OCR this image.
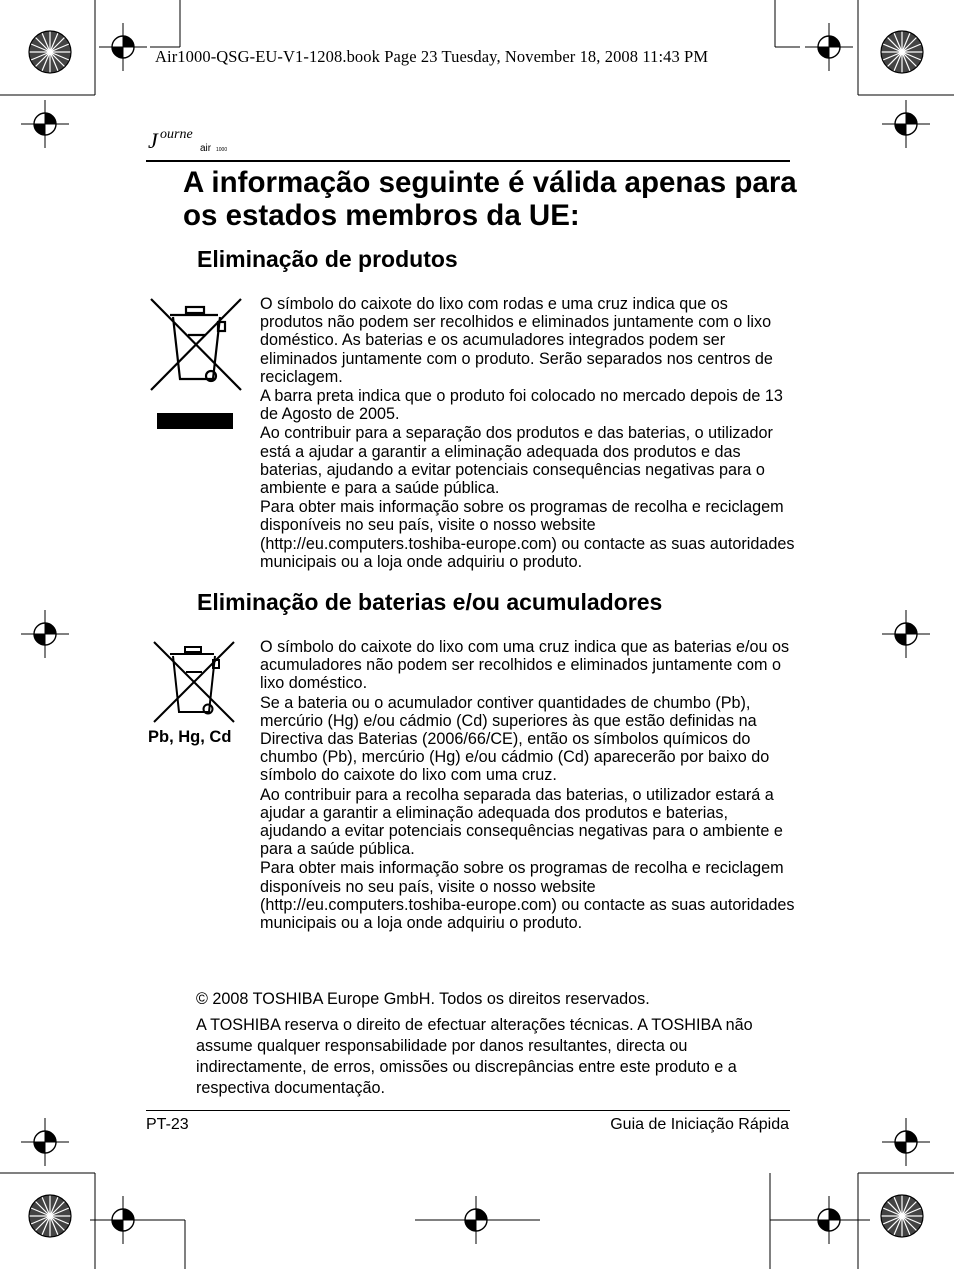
Air1000-QSG-EU-V1-1208.book Page 23 Tuesday, November 18, 2008 11:43 PM
J ourne
air 1000
A informação seguinte é válida apenas para os estados membros da UE:
Eliminação de produtos

O símbolo do caixote do lixo com rodas e uma cruz indica que os produtos não podem ser recolhidos e eliminados juntamente com o lixo doméstico. As baterias e os acumuladores integrados podem ser eliminados juntamente com o produto. Serão separados nos centros de reciclagem.

A barra preta indica que o produto foi colocado no mercado depois de 13 de Agosto de 2005.

Ao contribuir para a separação dos produtos e das baterias, o utilizador está a ajudar a garantir a eliminação adequada dos produtos e das baterias, ajudando a evitar potenciais consequências negativas para o ambiente e para a saúde pública.

Para obter mais informação sobre os programas de recolha e reciclagem disponíveis no seu país, visite o nosso website (http://eu.computers.toshiba-europe.com) ou contacte as suas autoridades municipais ou a loja onde adquiriu o produto.

Eliminação de baterias e/ou acumuladores
Pb, Hg, Cd

O símbolo do caixote do lixo com uma cruz indica que as baterias e/ou os acumuladores não podem ser recolhidos e eliminados juntamente com o lixo doméstico.

Se a bateria ou o acumulador contiver quantidades de chumbo (Pb), mercúrio (Hg) e/ou cádmio (Cd) superiores às que estão definidas na Directiva das Baterias (2006/66/CE), então os símbolos químicos do chumbo (Pb), mercúrio (Hg) e/ou cádmio (Cd) aparecerão por baixo do símbolo do caixote do lixo com uma cruz.

Ao contribuir para a recolha separada das baterias, o utilizador estará a ajudar a garantir a eliminação adequada dos produtos e baterias, ajudando a evitar potenciais consequências negativas para o ambiente e para a saúde pública.

Para obter mais informação sobre os programas de recolha e reciclagem disponíveis no seu país, visite o nosso website (http://eu.computers.toshiba-europe.com) ou contacte as suas autoridades municipais ou a loja onde adquiriu o produto.

© 2008 TOSHIBA Europe GmbH. Todos os direitos reservados.

A TOSHIBA reserva o direito de efectuar alterações técnicas. A TOSHIBA não assume qualquer responsabilidade por danos resultantes, directa ou indirectamente, de erros, omissões ou discrepâncias entre este produto e a respectiva documentação.

PT-23	Guia de Iniciação Rápida
